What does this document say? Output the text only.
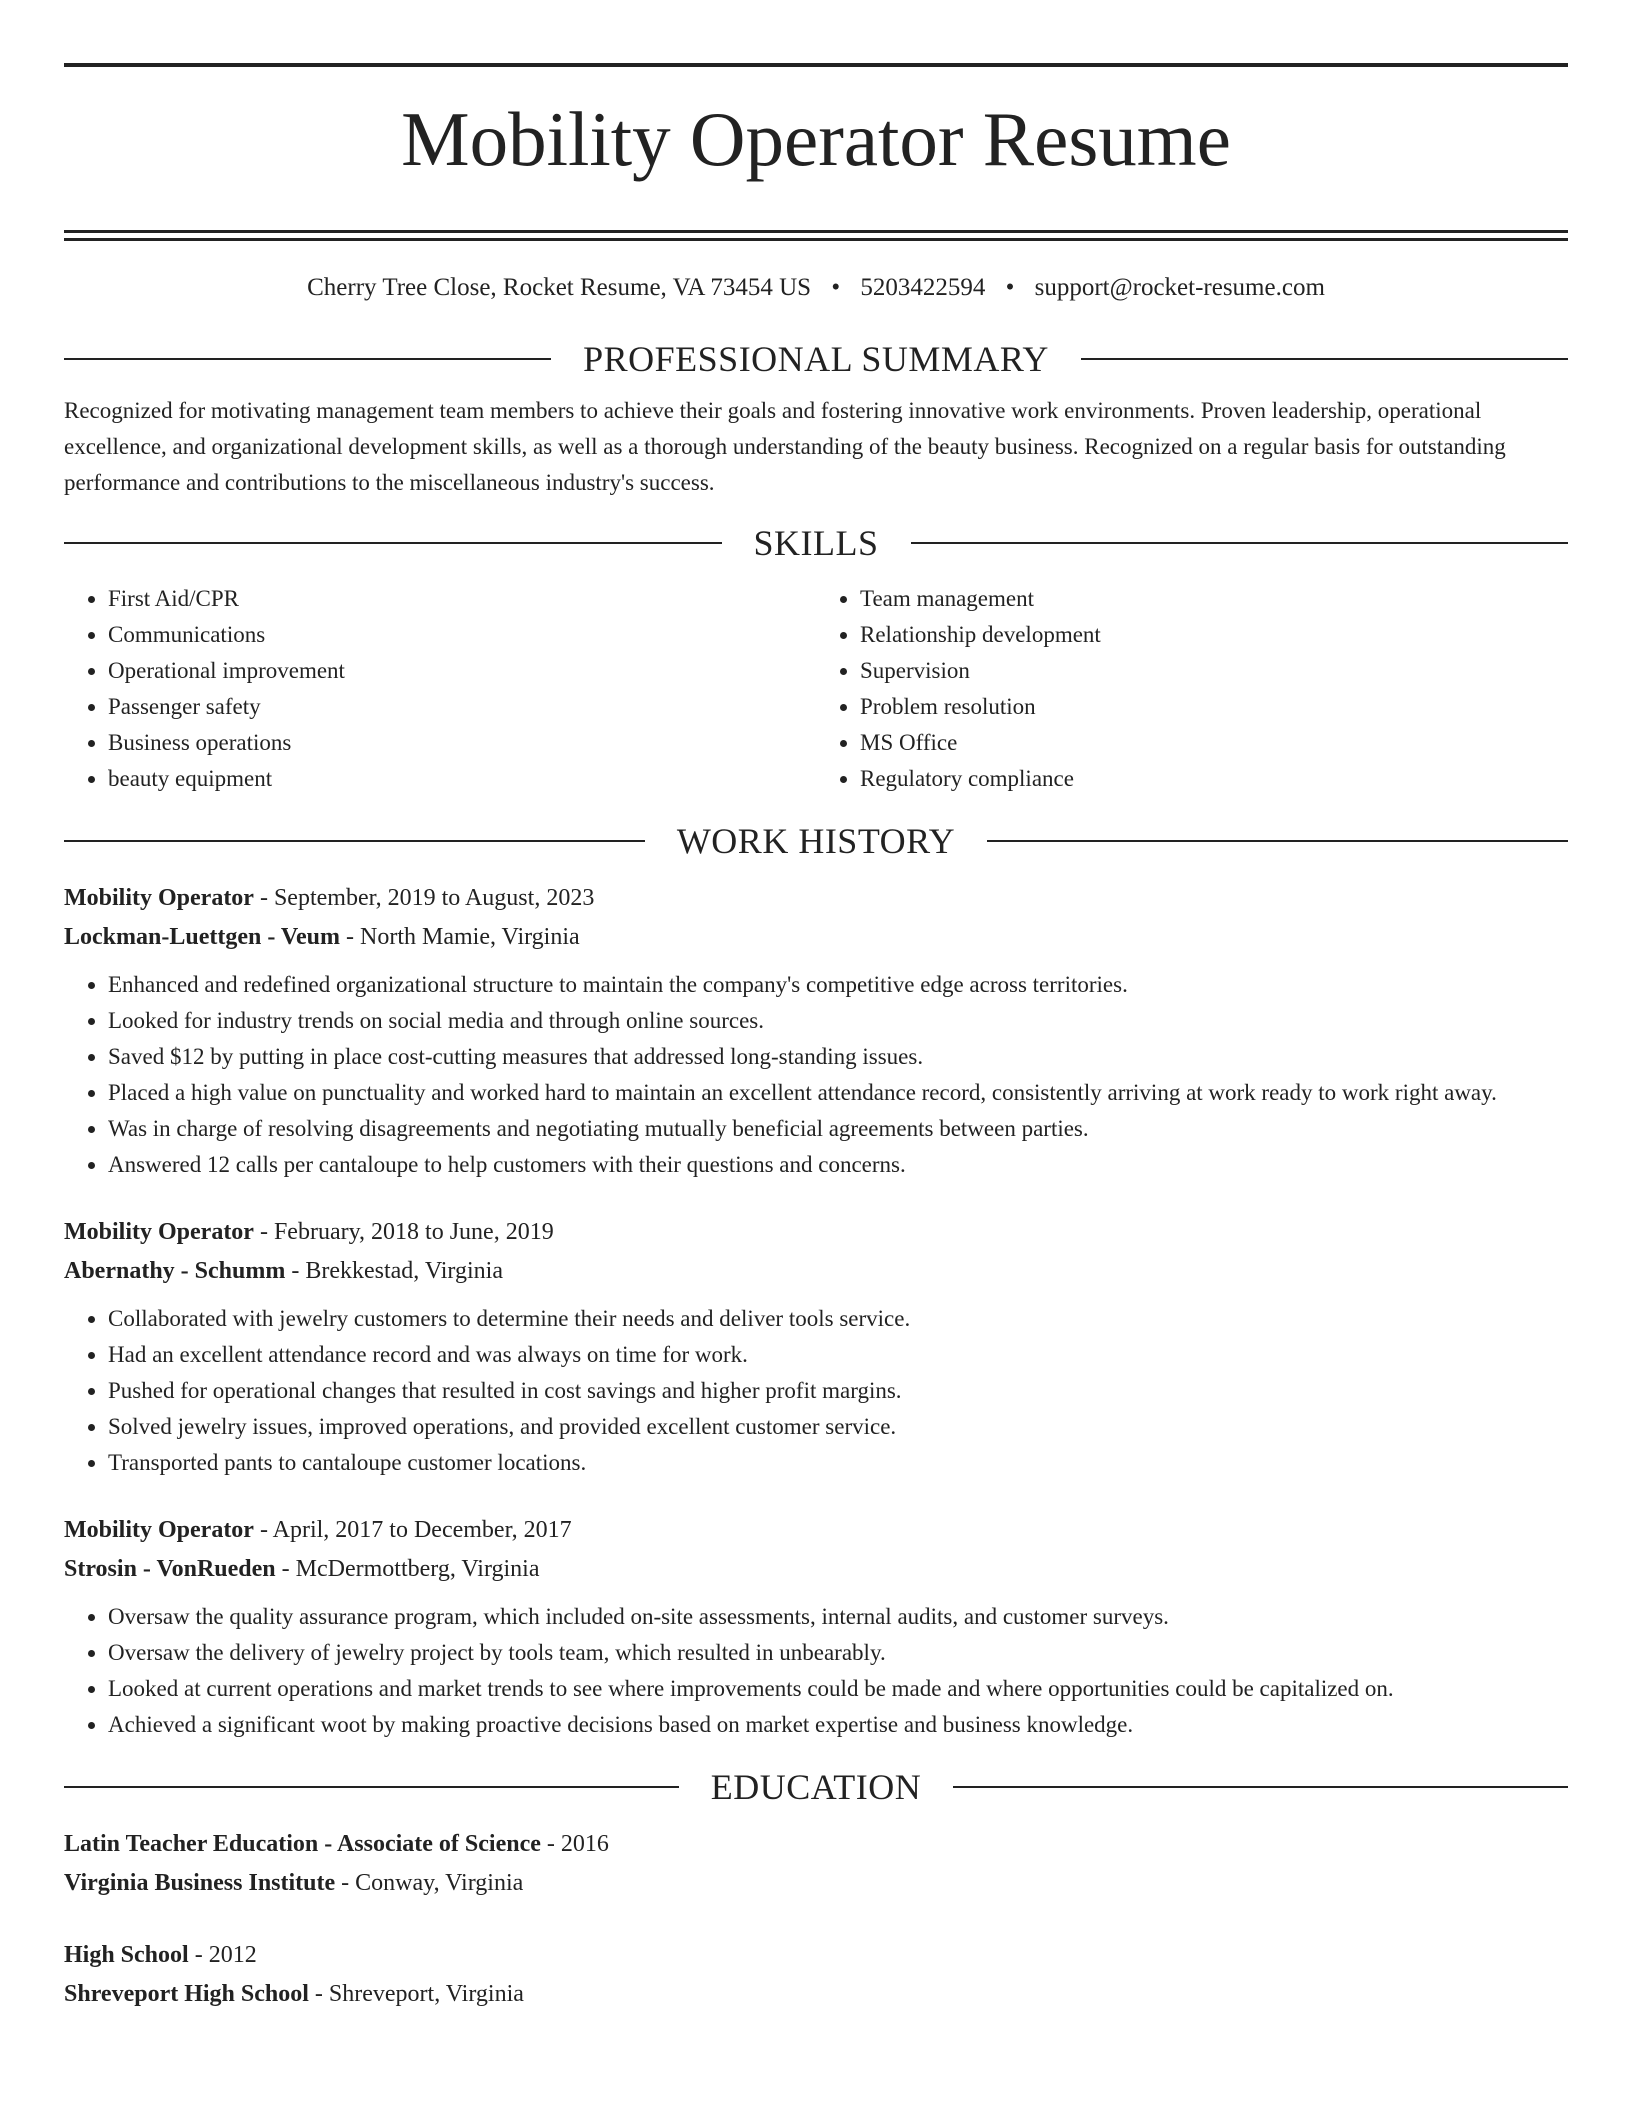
Mobility Operator Resume
Cherry Tree Close, Rocket Resume, VA 73454 US • 5203422594 • support@rocket-resume.com
PROFESSIONAL SUMMARY

Recognized for motivating management team members to achieve their goals and fostering innovative work environments. Proven leadership, operational excellence, and organizational development skills, as well as a thorough understanding of the beauty business. Recognized on a regular basis for outstanding performance and contributions to the miscellaneous industry's success.

SKILLS
• First Aid/CPR
• Communications
• Operational improvement
• Passenger safety
• Business operations
• beauty equipment
• Team management
• Relationship development
• Supervision
• Problem resolution
• MS Office
• Regulatory compliance
WORK HISTORY
Mobility Operator - September, 2019 to August, 2023
Lockman-Luettgen - Veum - North Mamie, Virginia
• Enhanced and redefined organizational structure to maintain the company's competitive edge across territories.
• Looked for industry trends on social media and through online sources.
• Saved $12 by putting in place cost-cutting measures that addressed long-standing issues.
• Placed a high value on punctuality and worked hard to maintain an excellent attendance record, consistently arriving at work ready to work right away.
• Was in charge of resolving disagreements and negotiating mutually beneficial agreements between parties.
• Answered 12 calls per cantaloupe to help customers with their questions and concerns.
Mobility Operator - February, 2018 to June, 2019
Abernathy - Schumm - Brekkestad, Virginia
• Collaborated with jewelry customers to determine their needs and deliver tools service.
• Had an excellent attendance record and was always on time for work.
• Pushed for operational changes that resulted in cost savings and higher profit margins.
• Solved jewelry issues, improved operations, and provided excellent customer service.
• Transported pants to cantaloupe customer locations.
Mobility Operator - April, 2017 to December, 2017
Strosin - VonRueden - McDermottberg, Virginia
• Oversaw the quality assurance program, which included on-site assessments, internal audits, and customer surveys.
• Oversaw the delivery of jewelry project by tools team, which resulted in unbearably.
• Looked at current operations and market trends to see where improvements could be made and where opportunities could be capitalized on.
• Achieved a significant woot by making proactive decisions based on market expertise and business knowledge.
EDUCATION
Latin Teacher Education - Associate of Science - 2016
Virginia Business Institute - Conway, Virginia
High School - 2012
Shreveport High School - Shreveport, Virginia
